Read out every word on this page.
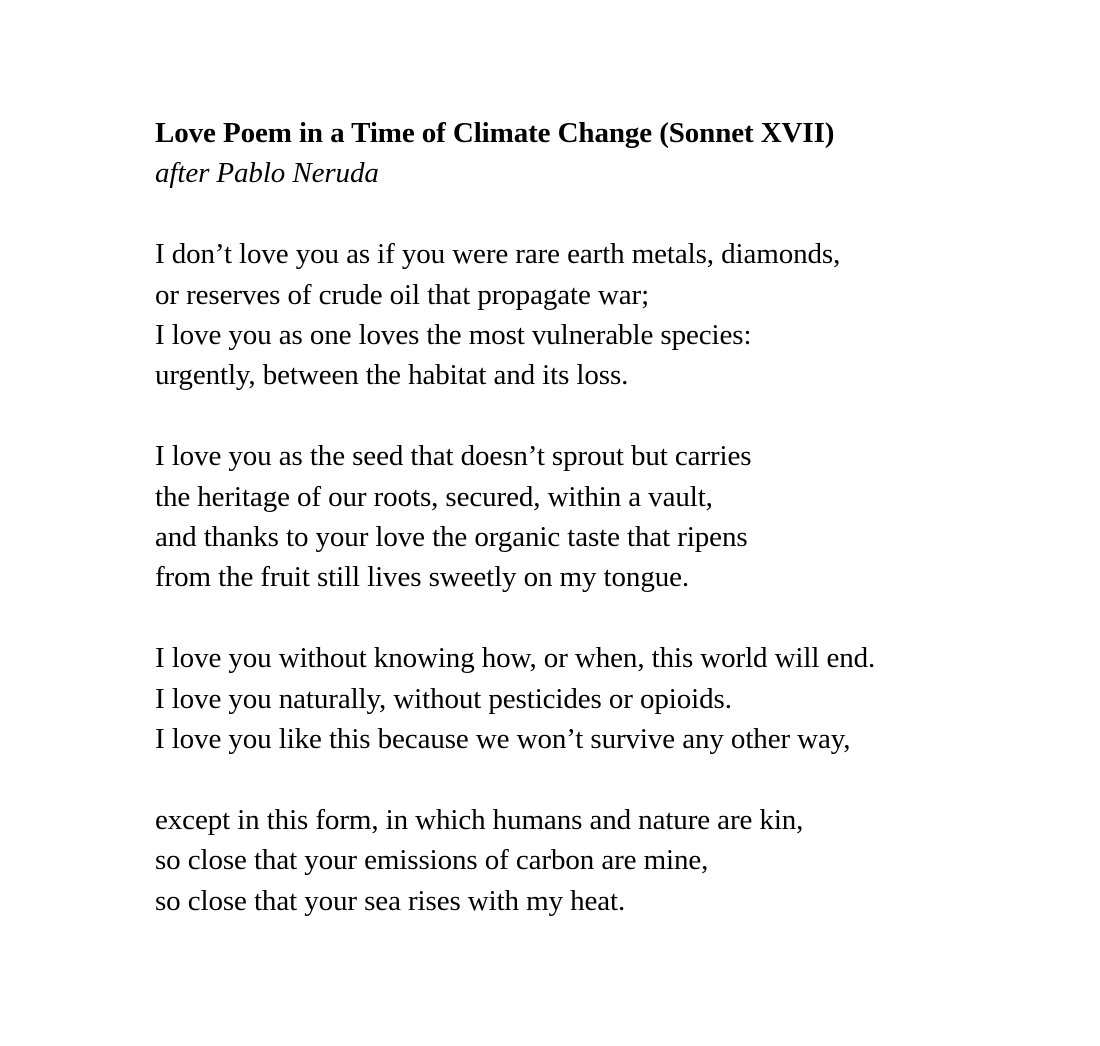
Love Poem in a Time of Climate Change (Sonnet XVII)
after Pablo Neruda
I don’t love you as if you were rare earth metals, diamonds,
or reserves of crude oil that propagate war;
I love you as one loves the most vulnerable species:
urgently, between the habitat and its loss.
I love you as the seed that doesn’t sprout but carries
the heritage of our roots, secured, within a vault,
and thanks to your love the organic taste that ripens
from the fruit still lives sweetly on my tongue.
I love you without knowing how, or when, this world will end.
I love you naturally, without pesticides or opioids.
I love you like this because we won’t survive any other way,
except in this form, in which humans and nature are kin,
so close that your emissions of carbon are mine,
so close that your sea rises with my heat.
